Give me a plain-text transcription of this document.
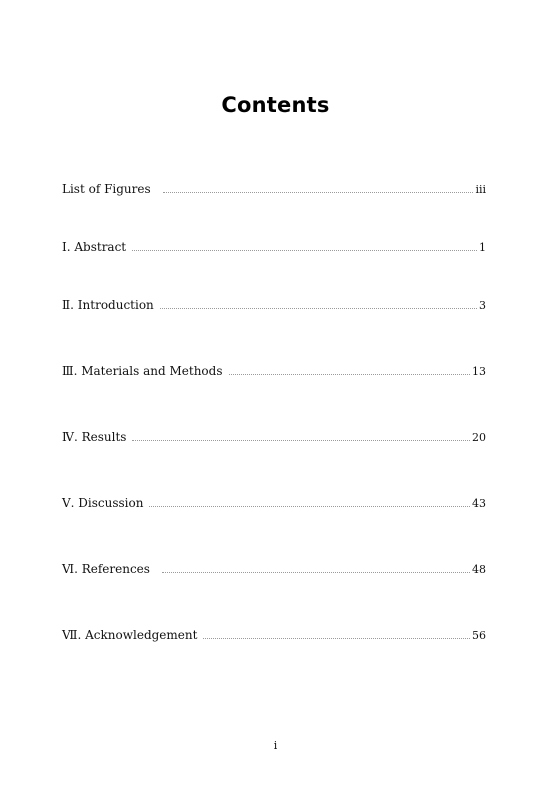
Contents
List of Figures	iii
Ⅰ. Abstract	1
Ⅱ. Introduction	3
Ⅲ. Materials and Methods	13
Ⅳ. Results	20
Ⅴ. Discussion	43
Ⅵ. References	48
Ⅶ. Acknowledgement	56
i
